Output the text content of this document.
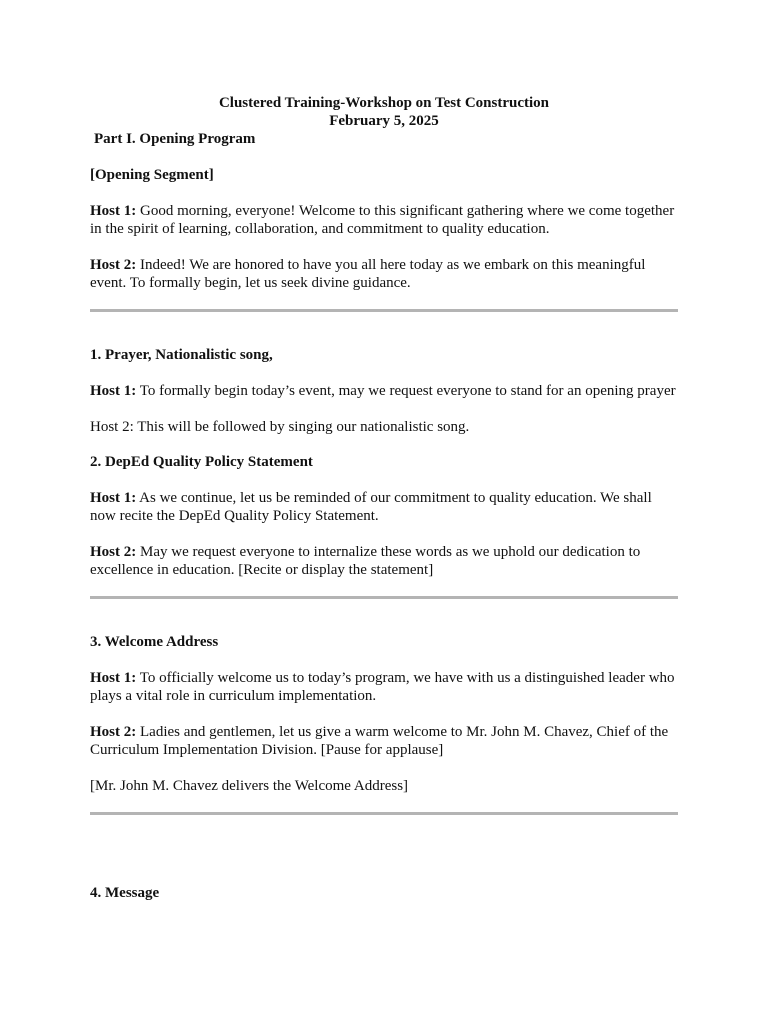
Clustered Training-Workshop on Test Construction

February 5, 2025

Part I. Opening Program

[Opening Segment]

Host 1: Good morning, everyone! Welcome to this significant gathering where we come together in the spirit of learning, collaboration, and commitment to quality education.

Host 2: Indeed! We are honored to have you all here today as we embark on this meaningful event. To formally begin, let us seek divine guidance.

1. Prayer, Nationalistic song,

Host 1: To formally begin today’s event, may we request everyone to stand for an opening prayer

Host 2: This will be followed by singing our nationalistic song.

2. DepEd Quality Policy Statement

Host 1: As we continue, let us be reminded of our commitment to quality education. We shall now recite the DepEd Quality Policy Statement.

Host 2: May we request everyone to internalize these words as we uphold our dedication to excellence in education. [Recite or display the statement]

3. Welcome Address

Host 1: To officially welcome us to today’s program, we have with us a distinguished leader who plays a vital role in curriculum implementation.

Host 2: Ladies and gentlemen, let us give a warm welcome to Mr. John M. Chavez, Chief of the Curriculum Implementation Division. [Pause for applause]

[Mr. John M. Chavez delivers the Welcome Address]

4. Message
